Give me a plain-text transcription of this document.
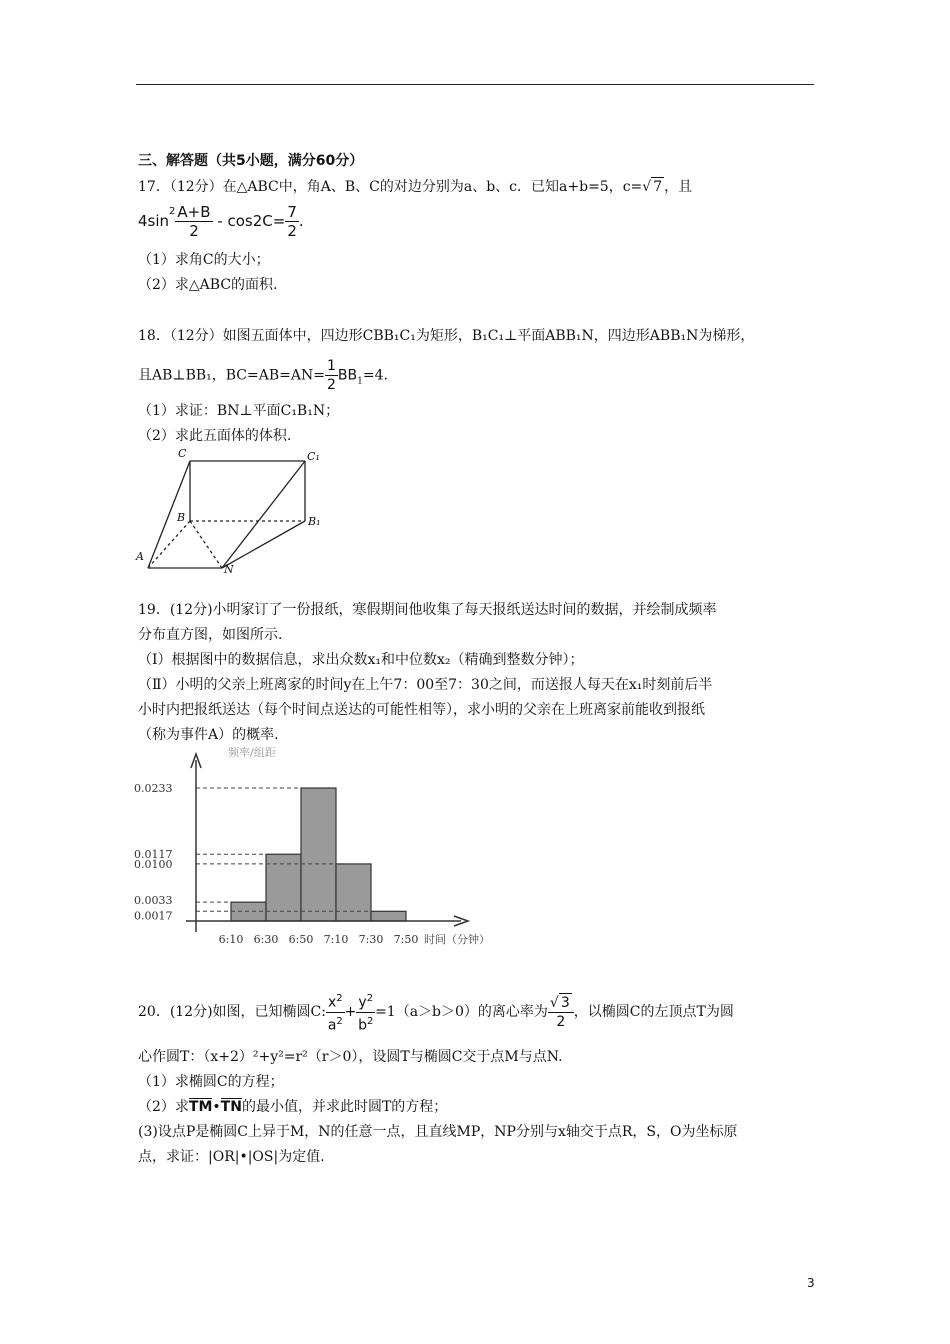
三、解答题（共5小题，满分60分）
17．（12分）在△ABC中，角A、B、C的对边分别为a、b、c．已知a+b=5，c=√ 7 ，且
$4\sin^2 \frac{A+B}{2} - \cos 2C= \frac{7}{2}$ .
（1）求角C的大小；
（2）求△ABC的面积.
18．（12分）如图五面体中，四边形CBB₁C₁为矩形，B₁C₁⊥平面ABB₁N，四边形ABB₁N为梯形，
且AB⊥BB₁，$BC=AB=AN= \frac{1}{2} BB_1=4$.
（1）求证：BN⊥平面C₁B₁N；
（2）求此五面体的体积.
C	C₁
B	B₁
A
N
19．(12分)小明家订了一份报纸，寒假期间他收集了每天报纸送达时间的数据，并绘制成频率
分布直方图，如图所示.
（Ⅰ）根据图中的数据信息，求出众数x₁和中位数x₂（精确到整数分钟）；
（Ⅱ）小明的父亲上班离家的时间y在上午7：00至7：30之间，而送报人每天在x₁时刻前后半
小时内把报纸送达（每个时间点送达的可能性相等），求小明的父亲在上班离家前能收到报纸
（称为事件A）的概率.
频率/组距
时间（分钟）
0.0233
0.0117
0.0100
0.0033
0.0017
6:10 6:30 6:50 7:10 7:30 7:50
20．(12分)如图，已知椭圆C: $\frac{x^2}{a^2} + \frac{y^2}{b^2} =1(a>b>0)$的离心率为 $\frac{√ 3}{2}$ ，以椭圆C的左顶点T为圆
心作圆T：（x+2）²+y²=r²（r＞0），设圆T与椭圆C交于点M与点N.
（1）求椭圆C的方程；
（2）求TM•TN的最小值，并求此时圆T的方程；
(3)设点P是椭圆C上异于M，N的任意一点，且直线MP，NP分别与x轴交于点R，S，O为坐标原
点，求证：|OR|•|OS|为定值.
3
